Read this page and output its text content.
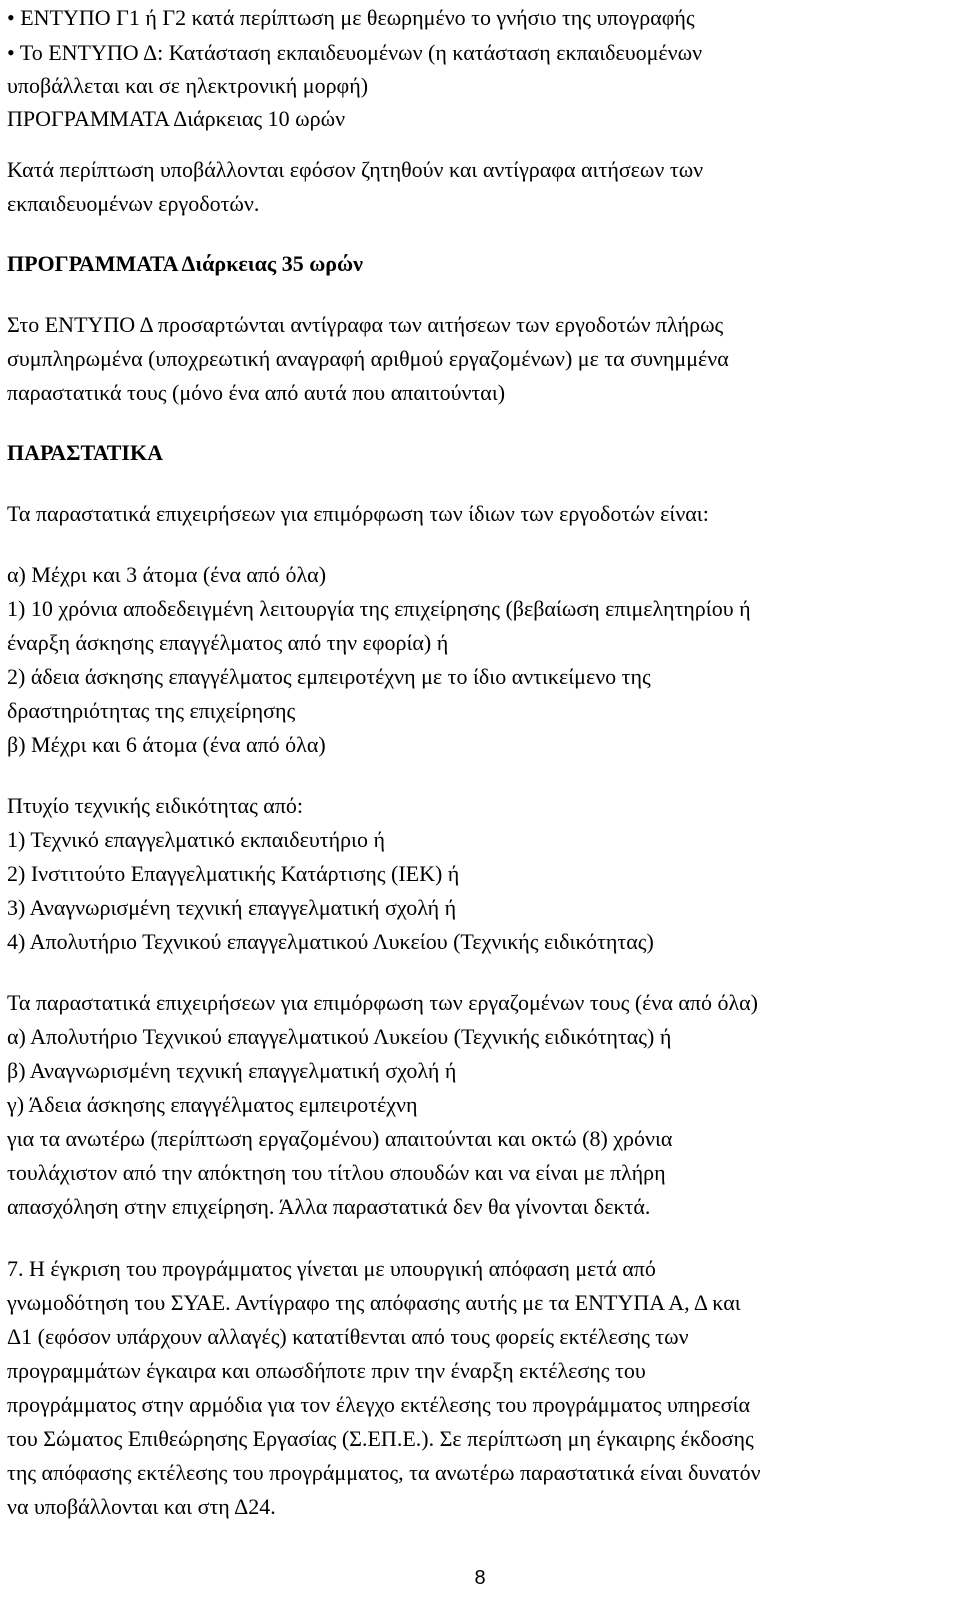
• ΕΝΤΥΠΟ Γ1 ή Γ2 κατά περίπτωση με θεωρημένο το γνήσιο της υπογραφής
• Το ΕΝΤΥΠΟ Δ: Κατάσταση εκπαιδευομένων (η κατάσταση εκπαιδευομένων
υποβάλλεται και σε ηλεκτρονική μορφή)
ΠΡΟΓΡΑΜΜΑΤΑ Διάρκειας 10 ωρών
Κατά περίπτωση υποβάλλονται εφόσον ζητηθούν και αντίγραφα αιτήσεων των
εκπαιδευομένων εργοδοτών.
ΠΡΟΓΡΑΜΜΑΤΑ Διάρκειας 35 ωρών
Στο ΕΝΤΥΠΟ Δ προσαρτώνται αντίγραφα των αιτήσεων των εργοδοτών πλήρως
συμπληρωμένα (υποχρεωτική αναγραφή αριθμού εργαζομένων) με τα συνημμένα
παραστατικά τους (μόνο ένα από αυτά που απαιτούνται)
ΠΑΡΑΣΤΑΤΙΚΑ
Τα παραστατικά επιχειρήσεων για επιμόρφωση των ίδιων των εργοδοτών είναι:
α) Μέχρι και 3 άτομα (ένα από όλα)
1) 10 χρόνια αποδεδειγμένη λειτουργία της επιχείρησης (βεβαίωση επιμελητηρίου ή
έναρξη άσκησης επαγγέλματος από την εφορία) ή
2) άδεια άσκησης επαγγέλματος εμπειροτέχνη με το ίδιο αντικείμενο της
δραστηριότητας της επιχείρησης
β) Μέχρι και 6 άτομα (ένα από όλα)
Πτυχίο τεχνικής ειδικότητας από:
1) Τεχνικό επαγγελματικό εκπαιδευτήριο ή
2) Ινστιτούτο Επαγγελματικής Κατάρτισης (ΙΕΚ) ή
3) Αναγνωρισμένη τεχνική επαγγελματική σχολή ή
4) Απολυτήριο Τεχνικού επαγγελματικού Λυκείου (Τεχνικής ειδικότητας)
Τα παραστατικά επιχειρήσεων για επιμόρφωση των εργαζομένων τους (ένα από όλα)
α) Απολυτήριο Τεχνικού επαγγελματικού Λυκείου (Τεχνικής ειδικότητας) ή
β) Αναγνωρισμένη τεχνική επαγγελματική σχολή ή
γ) Άδεια άσκησης επαγγέλματος εμπειροτέχνη
για τα ανωτέρω (περίπτωση εργαζομένου) απαιτούνται και οκτώ (8) χρόνια
τουλάχιστον από την απόκτηση του τίτλου σπουδών και να είναι με πλήρη
απασχόληση στην επιχείρηση. Άλλα παραστατικά δεν θα γίνονται δεκτά.
7. Η έγκριση του προγράμματος γίνεται με υπουργική απόφαση μετά από
γνωμοδότηση του ΣΥΑΕ. Αντίγραφο της απόφασης αυτής με τα ΕΝΤΥΠΑ Α, Δ και
Δ1 (εφόσον υπάρχουν αλλαγές) κατατίθενται από τους φορείς εκτέλεσης των
προγραμμάτων έγκαιρα και οπωσδήποτε πριν την έναρξη εκτέλεσης του
προγράμματος στην αρμόδια για τον έλεγχο εκτέλεσης του προγράμματος υπηρεσία
του Σώματος Επιθεώρησης Εργασίας (Σ.ΕΠ.Ε.). Σε περίπτωση μη έγκαιρης έκδοσης
της απόφασης εκτέλεσης του προγράμματος, τα ανωτέρω παραστατικά είναι δυνατόν
να υποβάλλονται και στη Δ24.
8
